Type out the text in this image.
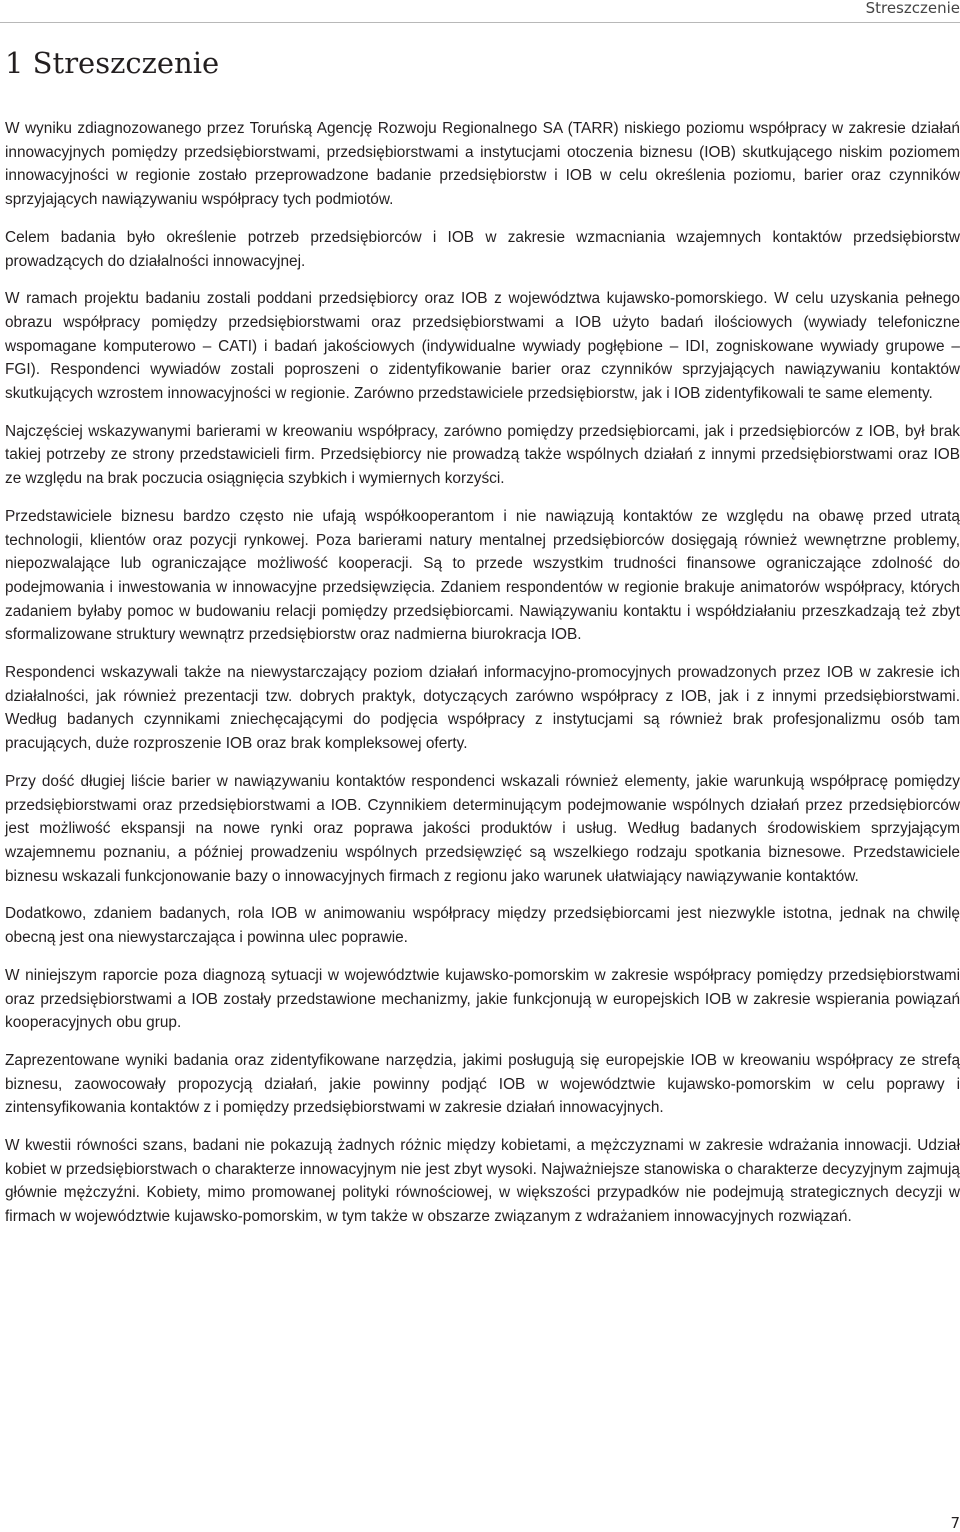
Streszczenie
1 Streszczenie

W wyniku zdiagnozowanego przez Toruńską Agencję Rozwoju Regionalnego SA (TARR) niskiego poziomu współpracy w zakresie działań innowacyjnych pomiędzy przedsiębiorstwami, przedsiębiorstwami a instytucjami otoczenia biznesu (IOB) skutkującego niskim poziomem innowacyjności w regionie zostało przeprowadzone badanie przedsiębiorstw i IOB w celu określenia poziomu, barier oraz czynników sprzyjających nawiązywaniu współpracy tych podmiotów.

Celem badania było określenie potrzeb przedsiębiorców i IOB w zakresie wzmacniania wzajemnych kontaktów przedsiębiorstw prowadzących do działalności innowacyjnej.

W ramach projektu badaniu zostali poddani przedsiębiorcy oraz IOB z województwa kujawsko-pomorskiego. W celu uzyskania pełnego obrazu współpracy pomiędzy przedsiębiorstwami oraz przedsiębiorstwami a IOB użyto badań ilościowych (wywiady telefoniczne wspomagane komputerowo – CATI) i badań jakościowych (indywidualne wywiady pogłębione – IDI, zogniskowane wywiady grupowe – FGI). Respondenci wywiadów zostali poproszeni o zidentyfikowanie barier oraz czynników sprzyjających nawiązywaniu kontaktów skutkujących wzrostem innowacyjności w regionie. Zarówno przedstawiciele przedsiębiorstw, jak i IOB zidentyfikowali te same elementy.

Najczęściej wskazywanymi barierami w kreowaniu współpracy, zarówno pomiędzy przedsiębiorcami, jak i przedsiębiorców z IOB, był brak takiej potrzeby ze strony przedstawicieli firm. Przedsiębiorcy nie prowadzą także wspólnych działań z innymi przedsiębiorstwami oraz IOB ze względu na brak poczucia osiągnięcia szybkich i wymiernych korzyści.

Przedstawiciele biznesu bardzo często nie ufają współkooperantom i nie nawiązują kontaktów ze względu na obawę przed utratą technologii, klientów oraz pozycji rynkowej. Poza barierami natury mentalnej przedsiębiorców dosięgają również wewnętrzne problemy, niepozwalające lub ograniczające możliwość kooperacji. Są to przede wszystkim trudności finansowe ograniczające zdolność do podejmowania i inwestowania w innowacyjne przedsięwzięcia. Zdaniem respondentów w regionie brakuje animatorów współpracy, których zadaniem byłaby pomoc w budowaniu relacji pomiędzy przedsiębiorcami. Nawiązywaniu kontaktu i współdziałaniu przeszkadzają też zbyt sformalizowane struktury wewnątrz przedsiębiorstw oraz nadmierna biurokracja IOB.

Respondenci wskazywali także na niewystarczający poziom działań informacyjno-promocyjnych prowadzonych przez IOB w zakresie ich działalności, jak również prezentacji tzw. dobrych praktyk, dotyczących zarówno współpracy z IOB, jak i z innymi przedsiębiorstwami. Według badanych czynnikami zniechęcającymi do podjęcia współpracy z instytucjami są również brak profesjonalizmu osób tam pracujących, duże rozproszenie IOB oraz brak kompleksowej oferty.

Przy dość długiej liście barier w nawiązywaniu kontaktów respondenci wskazali również elementy, jakie warunkują współpracę pomiędzy przedsiębiorstwami oraz przedsiębiorstwami a IOB. Czynnikiem determinującym podejmowanie wspólnych działań przez przedsiębiorców jest możliwość ekspansji na nowe rynki oraz poprawa jakości produktów i usług. Według badanych środowiskiem sprzyjającym wzajemnemu poznaniu, a później prowadzeniu wspólnych przedsięwzięć są wszelkiego rodzaju spotkania biznesowe. Przedstawiciele biznesu wskazali funkcjonowanie bazy o innowacyjnych firmach z regionu jako warunek ułatwiający nawiązywanie kontaktów.

Dodatkowo, zdaniem badanych, rola IOB w animowaniu współpracy między przedsiębiorcami jest niezwykle istotna, jednak na chwilę obecną jest ona niewystarczająca i powinna ulec poprawie.

W niniejszym raporcie poza diagnozą sytuacji w województwie kujawsko-pomorskim w zakresie współpracy pomiędzy przedsiębiorstwami oraz przedsiębiorstwami a IOB zostały przedstawione mechanizmy, jakie funkcjonują w europejskich IOB w zakresie wspierania powiązań kooperacyjnych obu grup.

Zaprezentowane wyniki badania oraz zidentyfikowane narzędzia, jakimi posługują się europejskie IOB w kreowaniu współpracy ze strefą biznesu, zaowocowały propozycją działań, jakie powinny podjąć IOB w województwie kujawsko-pomorskim w celu poprawy i zintensyfikowania kontaktów z i pomiędzy przedsiębiorstwami w zakresie działań innowacyjnych.

W kwestii równości szans, badani nie pokazują żadnych różnic między kobietami, a mężczyznami w zakresie wdrażania innowacji. Udział kobiet w przedsiębiorstwach o charakterze innowacyjnym nie jest zbyt wysoki. Najważniejsze stanowiska o charakterze decyzyjnym zajmują głównie mężczyźni. Kobiety, mimo promowanej polityki równościowej, w większości przypadków nie podejmują strategicznych decyzji w firmach w województwie kujawsko-pomorskim, w tym także w obszarze związanym z wdrażaniem innowacyjnych rozwiązań.

7
